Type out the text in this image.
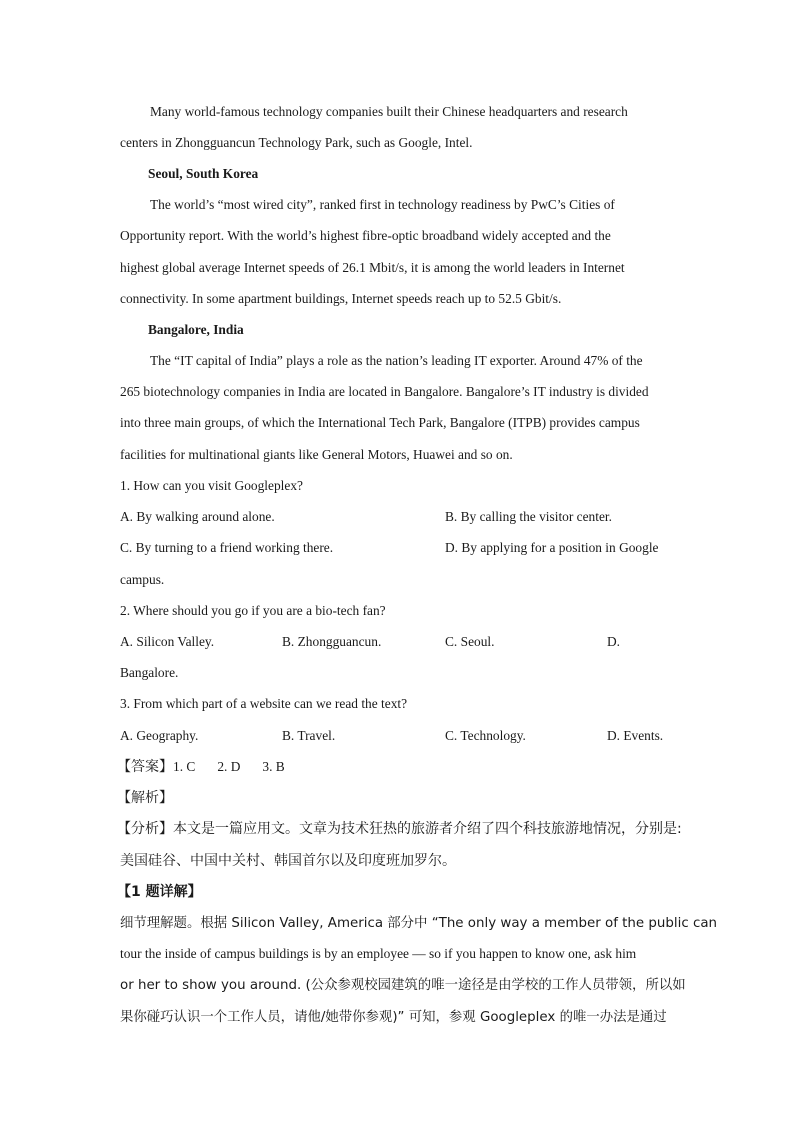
Many world-famous technology companies built their Chinese headquarters and research
centers in Zhongguancun Technology Park, such as Google, Intel.
Seoul, South Korea
The world’s “most wired city”, ranked first in technology readiness by PwC’s Cities of
Opportunity report. With the world’s highest fibre-optic broadband widely accepted and the
highest global average Internet speeds of 26.1 Mbit/s, it is among the world leaders in Internet
connectivity. In some apartment buildings, Internet speeds reach up to 52.5 Gbit/s.
Bangalore, India
The “IT capital of India” plays a role as the nation’s leading IT exporter. Around 47% of the
265 biotechnology companies in India are located in Bangalore. Bangalore’s IT industry is divided
into three main groups, of which the International Tech Park, Bangalore (ITPB) provides campus
facilities for multinational giants like General Motors, Huawei and so on.
1. How can you visit Googleplex?
A. By walking around alone.	B. By calling the visitor center.
C. By turning to a friend working there.	D. By applying for a position in Google
campus.
2. Where should you go if you are a bio-tech fan?
A. Silicon Valley.	B. Zhongguancun.	C. Seoul.	D.
Bangalore.
3. From which part of a website can we read the text?
A. Geography.	B. Travel.	C. Technology.	D. Events.
【答案】1. C 2. D 3. B
【解析】
【分析】本文是一篇应用文。文章为技术狂热的旅游者介绍了四个科技旅游地情况，分别是:
美国硅谷、中国中关村、韩国首尔以及印度班加罗尔。
【1 题详解】
细节理解题。根据 Silicon Valley, America 部分中 “The only way a member of the public can
tour the inside of campus buildings is by an employee — so if you happen to know one, ask him
or her to show you around. (公众参观校园建筑的唯一途径是由学校的工作人员带领，所以如
果你碰巧认识一个工作人员，请他/她带你参观)” 可知，参观 Googleplex 的唯一办法是通过
